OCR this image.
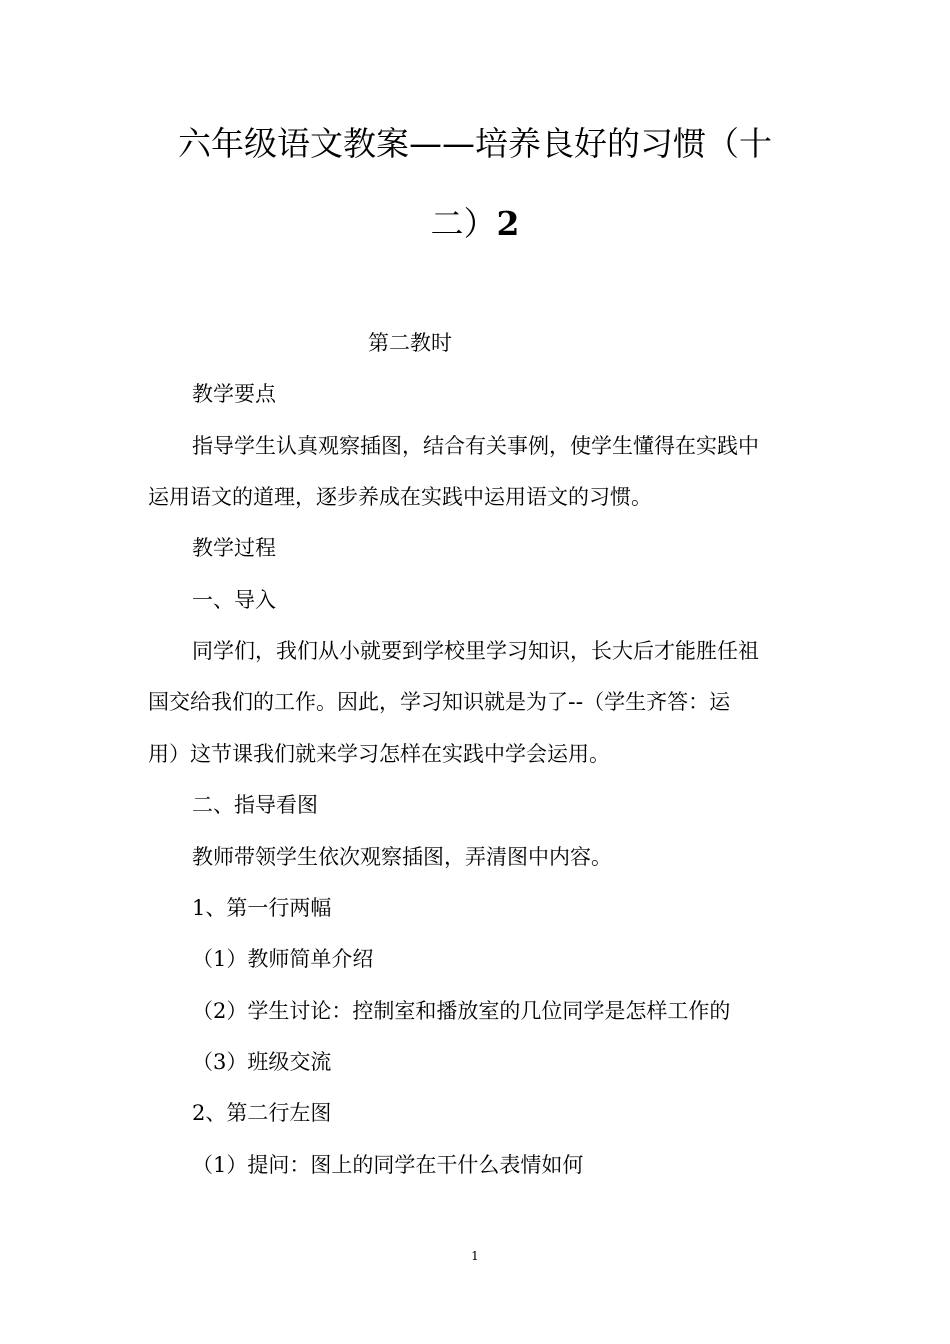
六年级语文教案——培养良好的习惯（十
二）2

第二教时

教学要点

指导学生认真观察插图，结合有关事例，使学生懂得在实践中

运用语文的道理，逐步养成在实践中运用语文的习惯。

教学过程

一、导入

同学们，我们从小就要到学校里学习知识，长大后才能胜任祖

国交给我们的工作。因此，学习知识就是为了--（学生齐答：运

用）这节课我们就来学习怎样在实践中学会运用。

二、指导看图

教师带领学生依次观察插图，弄清图中内容。

1、第一行两幅

（1）教师简单介绍

（2）学生讨论：控制室和播放室的几位同学是怎样工作的

（3）班级交流

2、第二行左图

（1）提问：图上的同学在干什么表情如何

1
